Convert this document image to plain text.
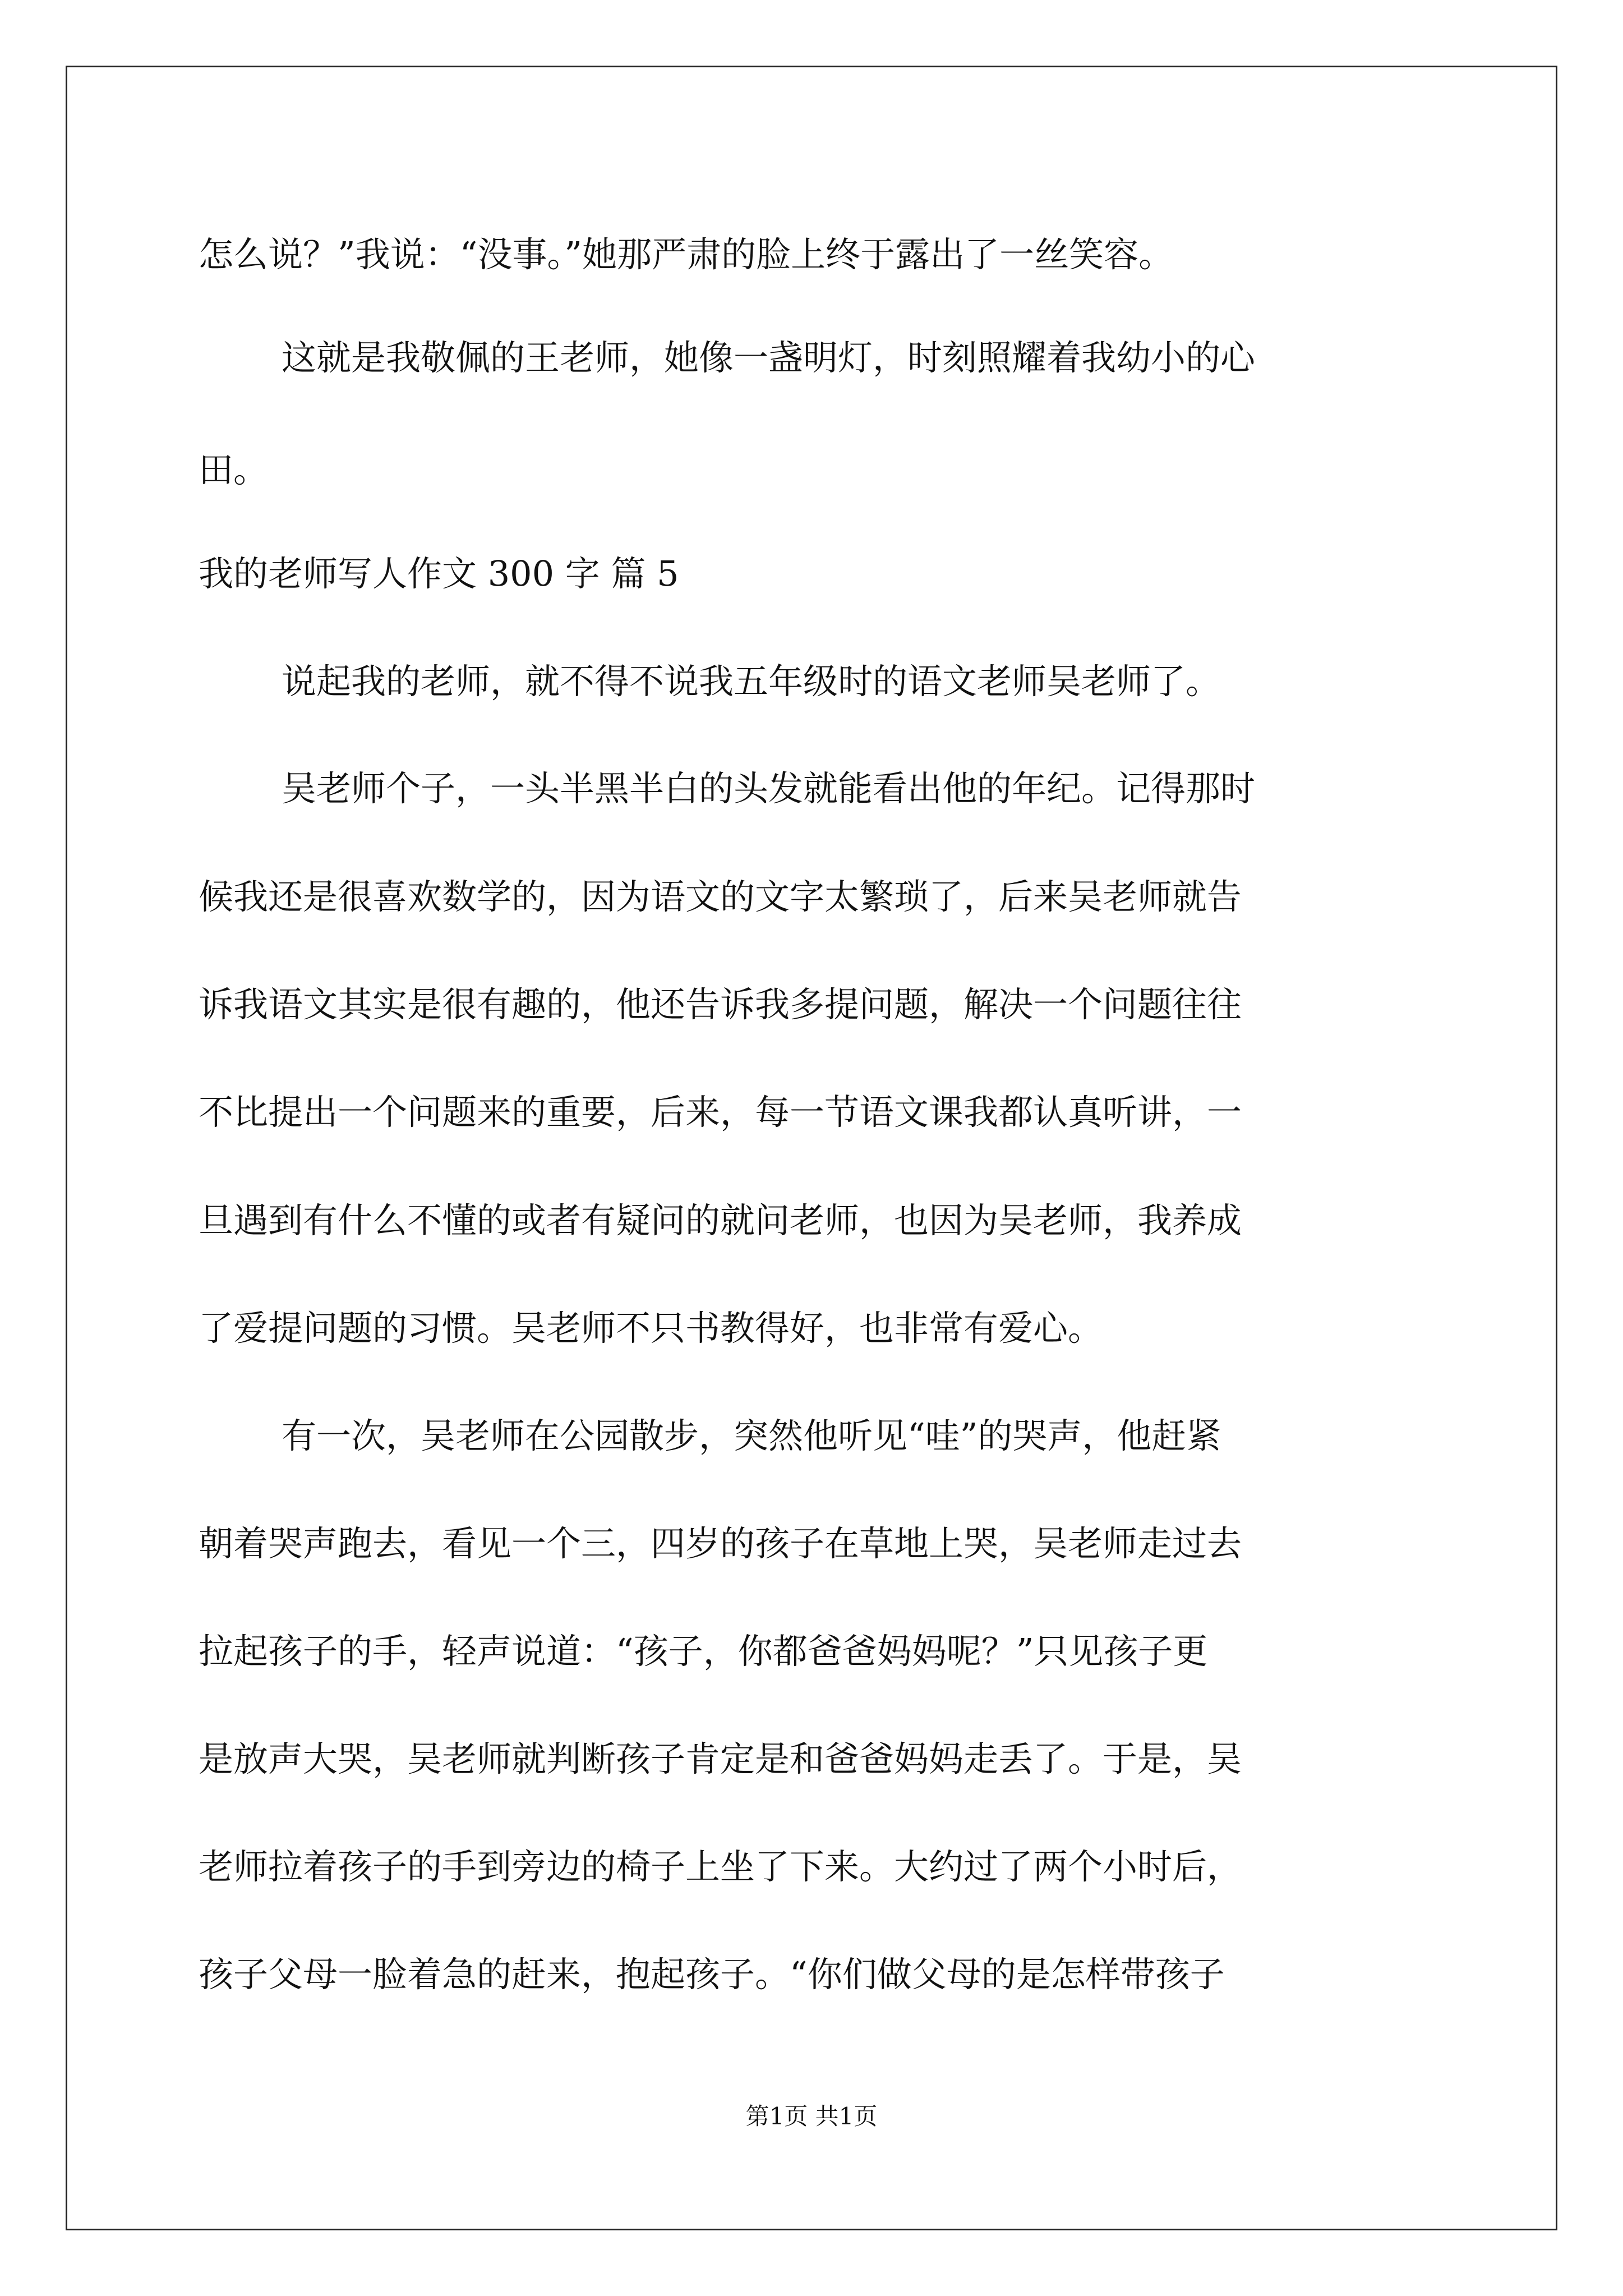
怎么说？”我说：“没事。”她那严肃的脸上终于露出了一丝笑容。
这就是我敬佩的王老师，她像一盏明灯，时刻照耀着我幼小的心
田。
我的老师写人作文 300 字 篇 5
说起我的老师，就不得不说我五年级时的语文老师吴老师了。
吴老师个子，一头半黑半白的头发就能看出他的年纪。记得那时
候我还是很喜欢数学的，因为语文的文字太繁琐了，后来吴老师就告
诉我语文其实是很有趣的，他还告诉我多提问题，解决一个问题往往
不比提出一个问题来的重要，后来，每一节语文课我都认真听讲，一
旦遇到有什么不懂的或者有疑问的就问老师，也因为吴老师，我养成
了爱提问题的习惯。吴老师不只书教得好，也非常有爱心。
有一次，吴老师在公园散步，突然他听见“哇”的哭声，他赶紧
朝着哭声跑去，看见一个三，四岁的孩子在草地上哭，吴老师走过去
拉起孩子的手，轻声说道：“孩子，你都爸爸妈妈呢？”只见孩子更
是放声大哭，吴老师就判断孩子肯定是和爸爸妈妈走丢了。于是，吴
老师拉着孩子的手到旁边的椅子上坐了下来。大约过了两个小时后，
孩子父母一脸着急的赶来，抱起孩子。“你们做父母的是怎样带孩子
第1页 共1页
